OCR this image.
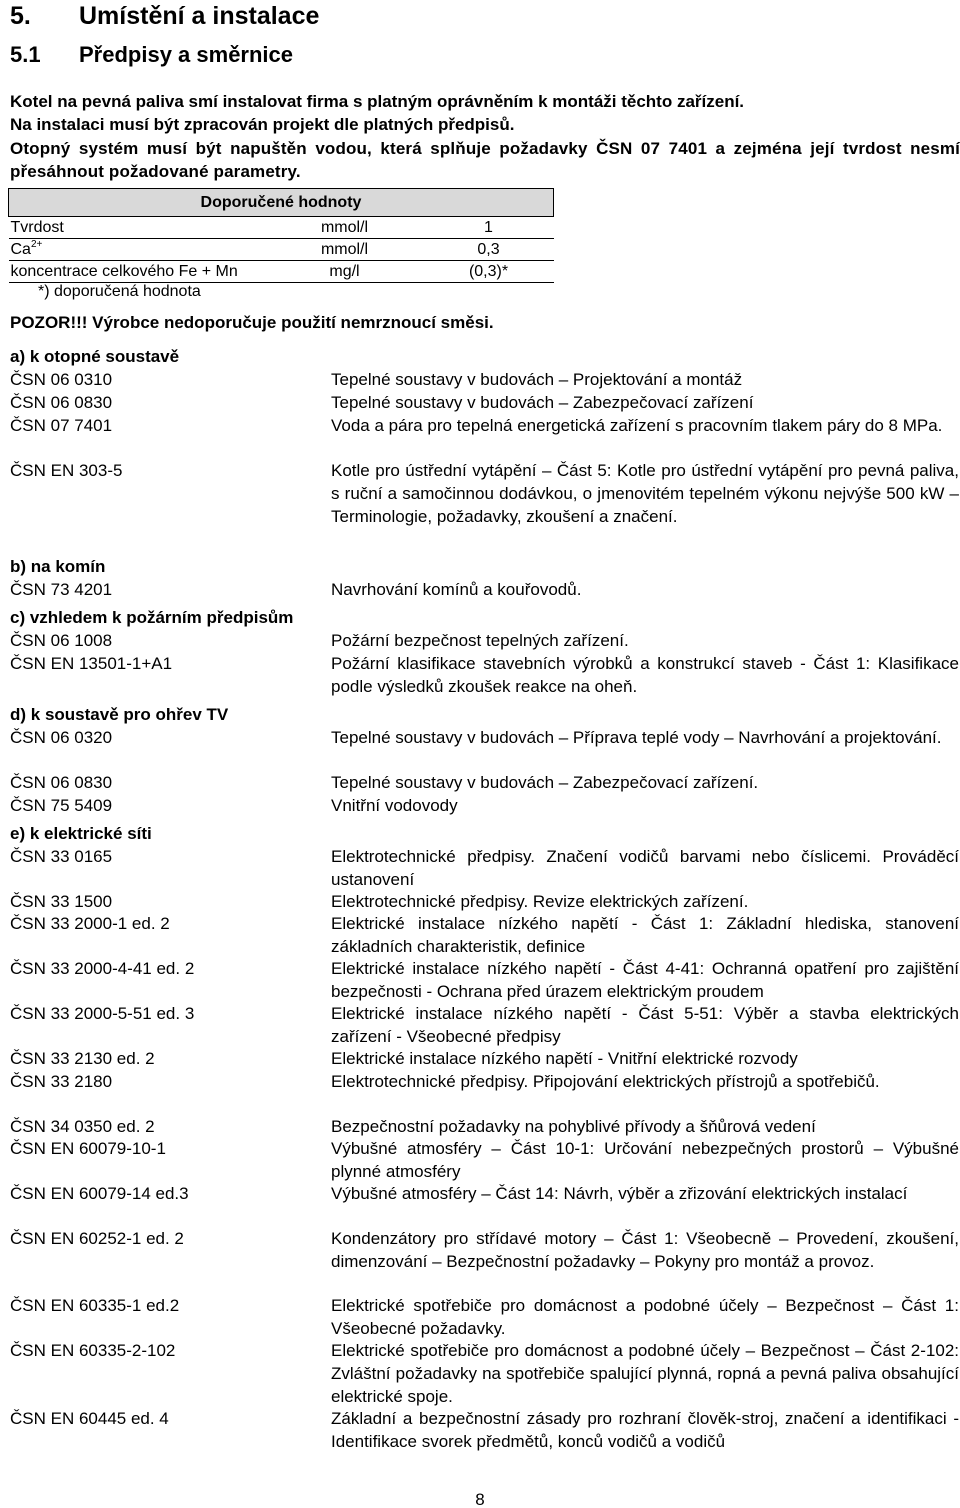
5. Umístění a instalace
5.1 Předpisy a směrnice
Kotel na pevná paliva smí instalovat firma s platným oprávněním k montáži těchto zařízení.
Na instalaci musí být zpracován projekt dle platných předpisů.
Otopný systém musí být napuštěn vodou, která splňuje požadavky ČSN 07 7401 a zejména její tvrdost nesmí přesáhnout požadované parametry.
Doporučené hodnoty		
Tvrdost	mmol/l	1
$Ca^{2+}$	mmol/l	0,3
koncentrace celkového Fe + Mn	mg/l	(0,3)*
*) doporučená hodnota
POZOR!!! Výrobce nedoporučuje použití nemrznoucí směsi.
a) k otopné soustavě
ČSN 06 0310	Tepelné soustavy v budovách – Projektování a montáž
ČSN 06 0830	Tepelné soustavy v budovách – Zabezpečovací zařízení
ČSN 07 7401	Voda a pára pro tepelná energetická zařízení s pracovním tlakem páry do 8 MPa.
ČSN EN 303-5	Kotle pro ústřední vytápění – Část 5: Kotle pro ústřední vytápění pro pevná paliva, s ruční a samočinnou dodávkou, o jmenovitém tepelném výkonu nejvýše 500 kW – Terminologie, požadavky, zkoušení a značení.
b) na komín
ČSN 73 4201	Navrhování komínů a kouřovodů.
c) vzhledem k požárním předpisům
ČSN 06 1008	Požární bezpečnost tepelných zařízení.
ČSN EN 13501-1+A1	Požární klasifikace stavebních výrobků a konstrukcí staveb - Část 1: Klasifikace podle výsledků zkoušek reakce na oheň.
d) k soustavě pro ohřev TV
ČSN 06 0320	Tepelné soustavy v budovách – Příprava teplé vody – Navrhování a projektování.
ČSN 06 0830	Tepelné soustavy v budovách – Zabezpečovací zařízení.
ČSN 75 5409	Vnitřní vodovody
e) k elektrické síti
ČSN 33 0165	Elektrotechnické předpisy. Značení vodičů barvami nebo číslicemi. Prováděcí ustanovení
ČSN 33 1500	Elektrotechnické předpisy. Revize elektrických zařízení.
ČSN 33 2000-1 ed. 2	Elektrické instalace nízkého napětí - Část 1: Základní hlediska, stanovení základních charakteristik, definice
ČSN 33 2000-4-41 ed. 2	Elektrické instalace nízkého napětí - Část 4-41: Ochranná opatření pro zajištění bezpečnosti - Ochrana před úrazem elektrickým proudem
ČSN 33 2000-5-51 ed. 3	Elektrické instalace nízkého napětí - Část 5-51: Výběr a stavba elektrických zařízení - Všeobecné předpisy
ČSN 33 2130 ed. 2	Elektrické instalace nízkého napětí - Vnitřní elektrické rozvody
ČSN 33 2180	Elektrotechnické předpisy. Připojování elektrických přístrojů a spotřebičů.
ČSN 34 0350 ed. 2	Bezpečnostní požadavky na pohyblivé přívody a šňůrová vedení
ČSN EN 60079-10-1	Výbušné atmosféry – Část 10-1: Určování nebezpečných prostorů – Výbušné plynné atmosféry
ČSN EN 60079-14 ed.3	Výbušné atmosféry – Část 14: Návrh, výběr a zřizování elektrických instalací
ČSN EN 60252-1 ed. 2	Kondenzátory pro střídavé motory – Část 1: Všeobecně – Provedení, zkoušení, dimenzování – Bezpečnostní požadavky – Pokyny pro montáž a provoz.
ČSN EN 60335-1 ed.2	Elektrické spotřebiče pro domácnost a podobné účely – Bezpečnost – Část 1: Všeobecné požadavky.
ČSN EN 60335-2-102	Elektrické spotřebiče pro domácnost a podobné účely – Bezpečnost – Část 2-102: Zvláštní požadavky na spotřebiče spalující plynná, ropná a pevná paliva obsahující elektrické spoje.
ČSN EN 60445 ed. 4	Základní a bezpečnostní zásady pro rozhraní člověk-stroj, značení a identifikaci - Identifikace svorek předmětů, konců vodičů a vodičů
8
